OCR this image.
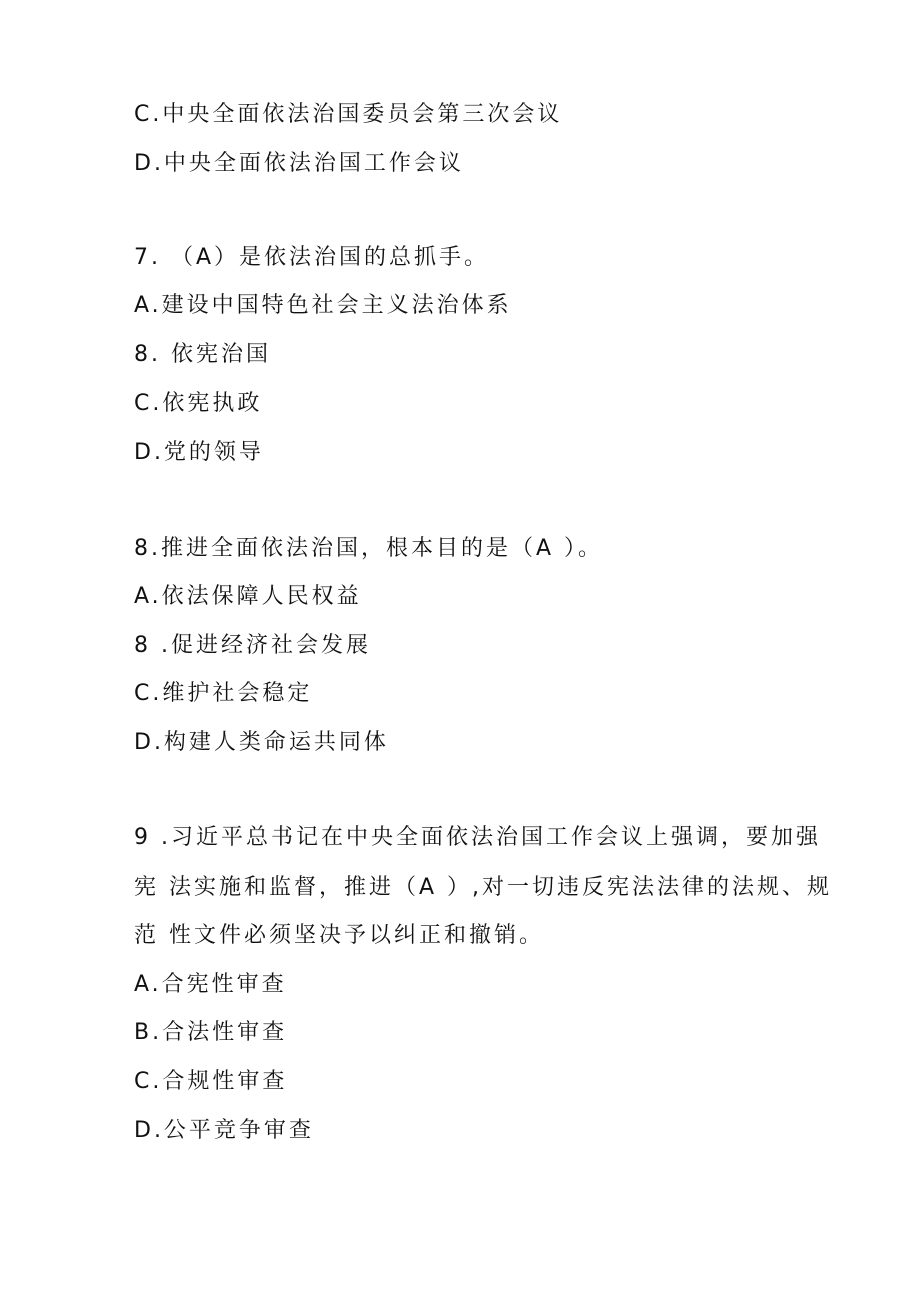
C.中央全面依法治国委员会第三次会议
D.中央全面依法治国工作会议
7. （A）是依法治国的总抓手。
A.建设中国特色社会主义法治体系
8. 依宪治国
C.依宪执政
D.党的领导
8.推进全面依法治国，根本目的是（A ）。
A.依法保障人民权益
8 .促进经济社会发展
C.维护社会稳定
D.构建人类命运共同体
9 .习近平总书记在中央全面依法治国工作会议上强调，要加强
宪 法实施和监督，推进（A ）,对一切违反宪法法律的法规、规
范 性文件必须坚决予以纠正和撤销。
A.合宪性审查
B.合法性审查
C.合规性审查
D.公平竞争审查
